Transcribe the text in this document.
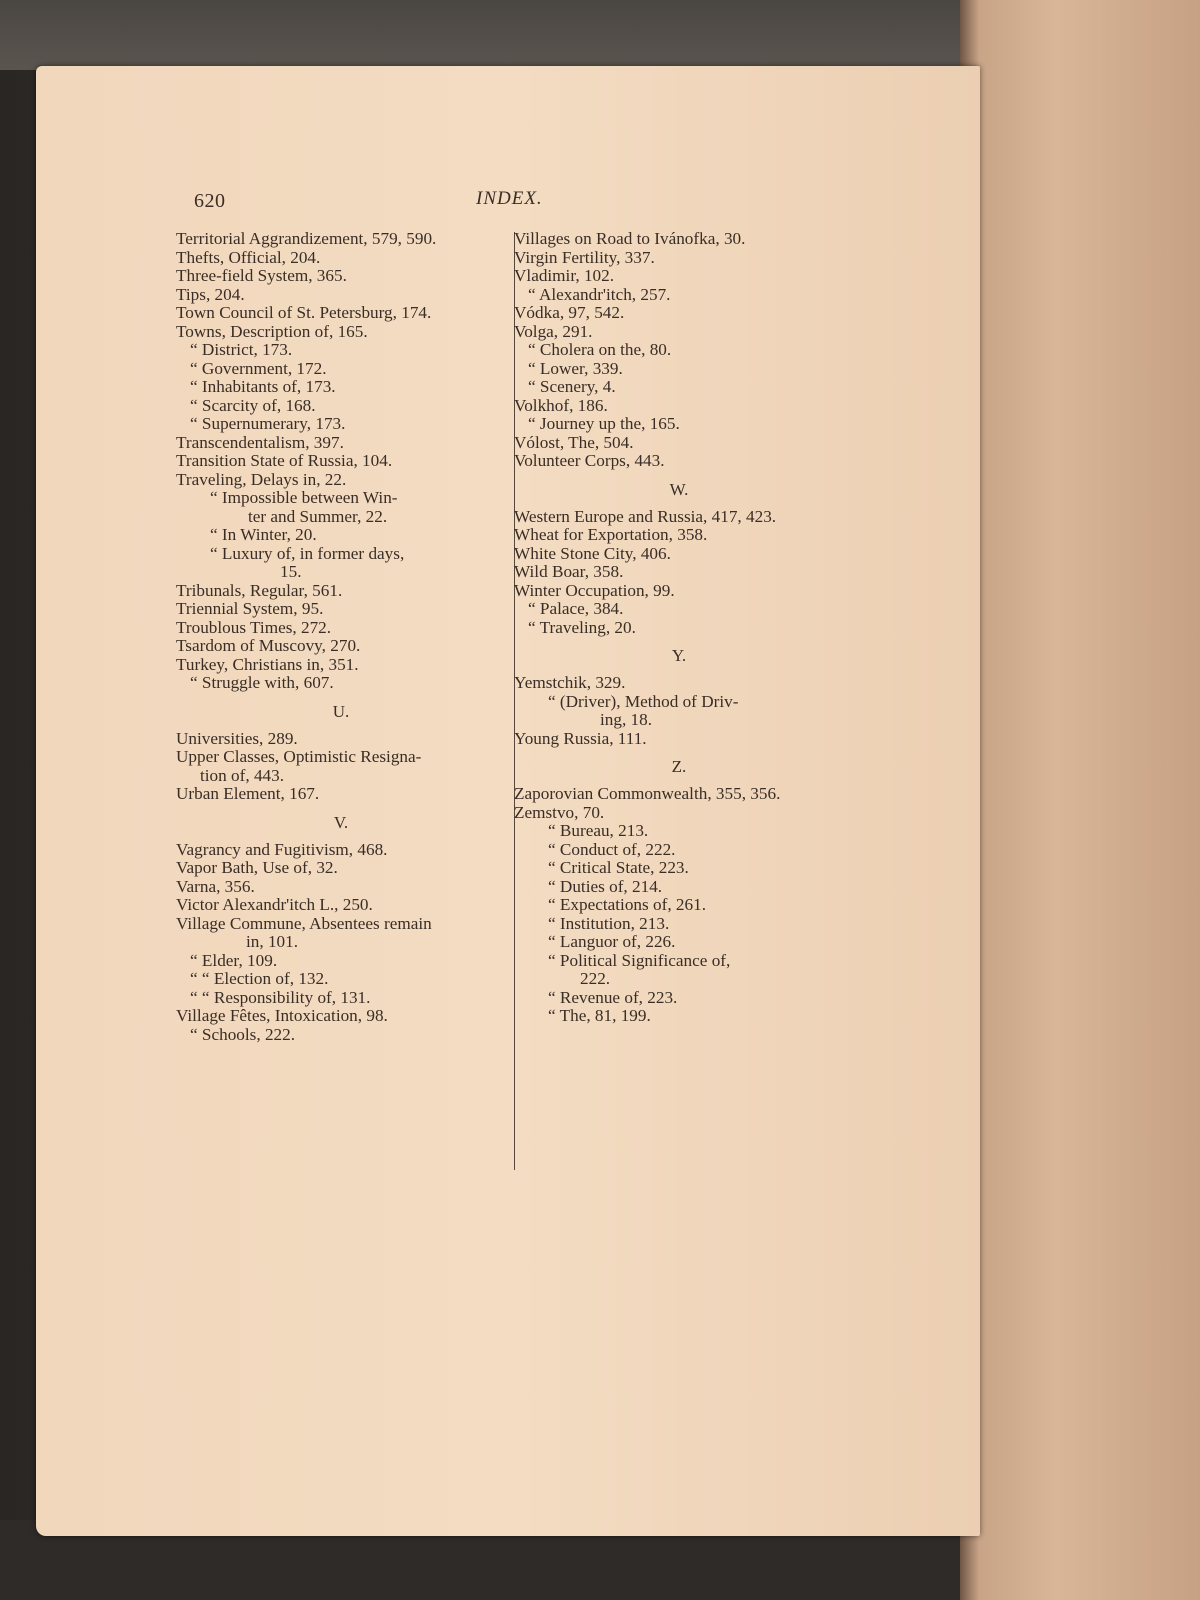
620	INDEX.
Territorial Aggrandizement, 579, 590.
Thefts, Official, 204.
Three-field System, 365.
Tips, 204.
Town Council of St. Petersburg, 174.
Towns, Description of, 165.
“ District, 173.
“ Government, 172.
“ Inhabitants of, 173.
“ Scarcity of, 168.
“ Supernumerary, 173.
Transcendentalism, 397.
Transition State of Russia, 104.
Traveling, Delays in, 22.
“ Impossible between Win-
ter and Summer, 22.
“ In Winter, 20.
“ Luxury of, in former days,
15.
Tribunals, Regular, 561.
Triennial System, 95.
Troublous Times, 272.
Tsardom of Muscovy, 270.
Turkey, Christians in, 351.
“ Struggle with, 607.
U.
Universities, 289.
Upper Classes, Optimistic Resigna-
tion of, 443.
Urban Element, 167.
V.
Vagrancy and Fugitivism, 468.
Vapor Bath, Use of, 32.
Varna, 356.
Victor Alexandr'itch L., 250.
Village Commune, Absentees remain
in, 101.
“ Elder, 109.
“ “ Election of, 132.
“ “ Responsibility of, 131.
Village Fêtes, Intoxication, 98.
“ Schools, 222.
Villages on Road to Ivánofka, 30.
Virgin Fertility, 337.
Vladimir, 102.
“ Alexandr'itch, 257.
Vódka, 97, 542.
Volga, 291.
“ Cholera on the, 80.
“ Lower, 339.
“ Scenery, 4.
Volkhof, 186.
“ Journey up the, 165.
Vólost, The, 504.
Volunteer Corps, 443.
W.
Western Europe and Russia, 417, 423.
Wheat for Exportation, 358.
White Stone City, 406.
Wild Boar, 358.
Winter Occupation, 99.
“ Palace, 384.
“ Traveling, 20.
Y.
Yemstchik, 329.
“ (Driver), Method of Driv-
ing, 18.
Young Russia, 111.
Z.
Zaporovian Commonwealth, 355, 356.
Zemstvo, 70.
“ Bureau, 213.
“ Conduct of, 222.
“ Critical State, 223.
“ Duties of, 214.
“ Expectations of, 261.
“ Institution, 213.
“ Languor of, 226.
“ Political Significance of,
222.
“ Revenue of, 223.
“ The, 81, 199.
